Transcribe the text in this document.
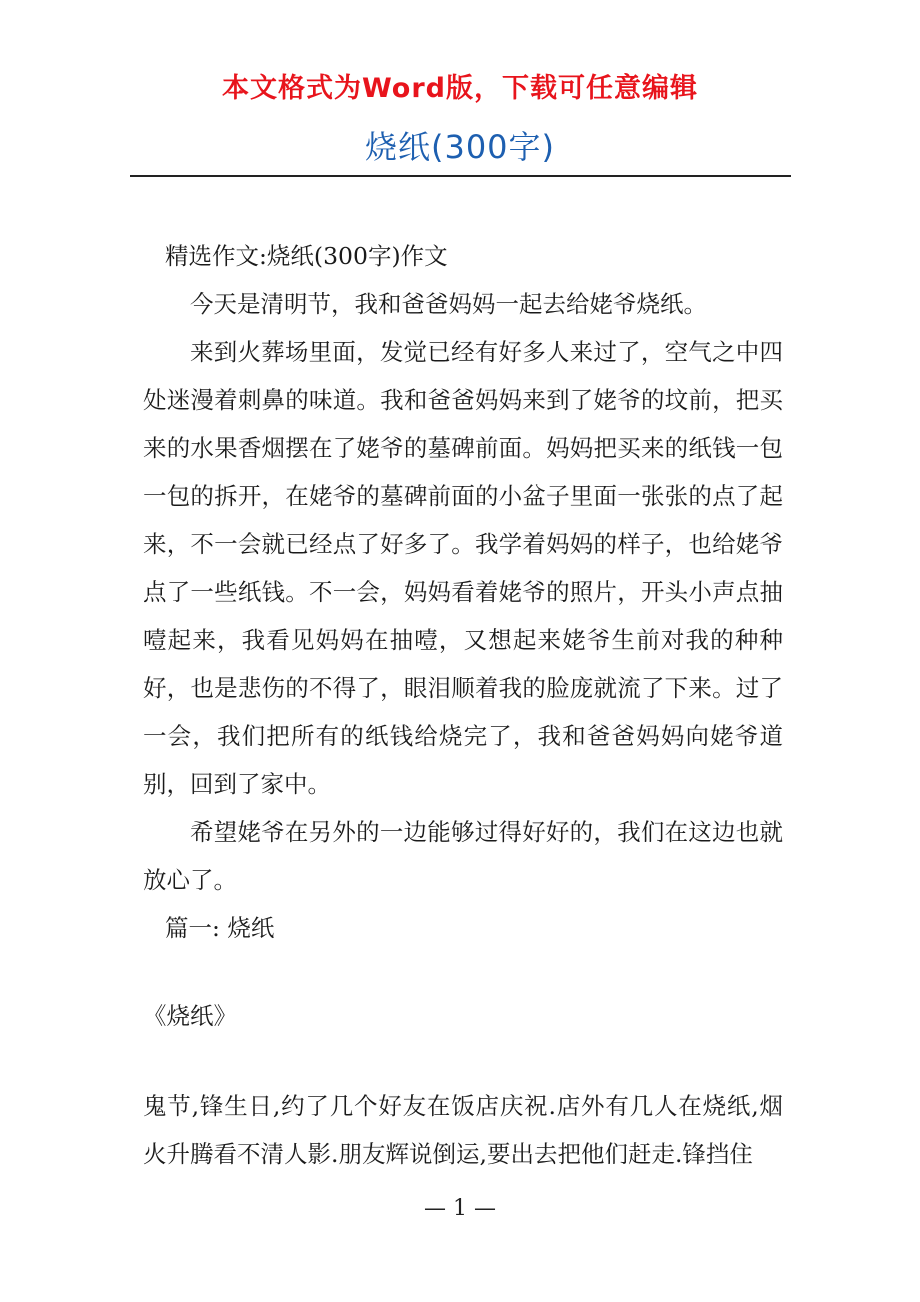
本文格式为Word版，下载可任意编辑
烧纸(300字)

精选作文:烧纸(300字)作文

今天是清明节，我和爸爸妈妈一起去给姥爷烧纸。

来到火葬场里面，发觉已经有好多人来过了，空气之中四处迷漫着刺鼻的味道。我和爸爸妈妈来到了姥爷的坟前，把买来的水果香烟摆在了姥爷的墓碑前面。妈妈把买来的纸钱一包一包的拆开，在姥爷的墓碑前面的小盆子里面一张张的点了起来，不一会就已经点了好多了。我学着妈妈的样子，也给姥爷点了一些纸钱。不一会，妈妈看着姥爷的照片，开头小声点抽噎起来，我看见妈妈在抽噎，又想起来姥爷生前对我的种种好，也是悲伤的不得了，眼泪顺着我的脸庞就流了下来。过了一会，我们把所有的纸钱给烧完了，我和爸爸妈妈向姥爷道别，回到了家中。

希望姥爷在另外的一边能够过得好好的，我们在这边也就放心了。

篇一: 烧纸

《烧纸》

鬼节,锋生日,约了几个好友在饭店庆祝.店外有几人在烧纸,烟火升腾看不清人影.朋友辉说倒运,要出去把他们赶走.锋挡住

— 1 —
